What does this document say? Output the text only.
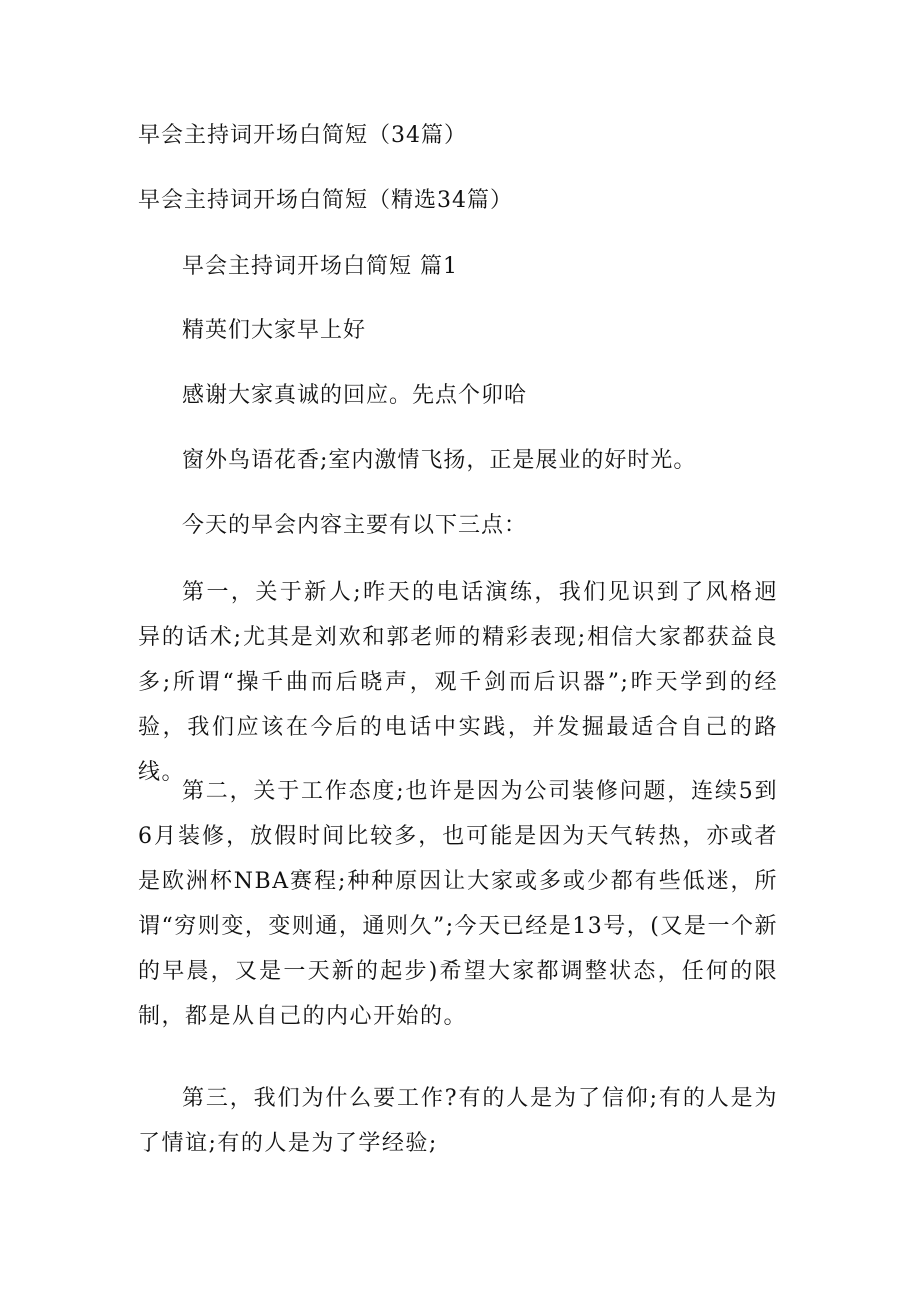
早会主持词开场白简短（34篇）
早会主持词开场白简短（精选34篇）
早会主持词开场白简短 篇1
精英们大家早上好
感谢大家真诚的回应。先点个卯哈
窗外鸟语花香;室内激情飞扬，正是展业的好时光。
今天的早会内容主要有以下三点：
第一，关于新人;昨天的电话演练，我们见识到了风格迥异的话术;尤其是刘欢和郭老师的精彩表现;相信大家都获益良多;所谓“操千曲而后晓声，观千剑而后识器”;昨天学到的经验，我们应该在今后的电话中实践，并发掘最适合自己的路线。
第二，关于工作态度;也许是因为公司装修问题，连续5到6月装修，放假时间比较多，也可能是因为天气转热，亦或者是欧洲杯NBA赛程;种种原因让大家或多或少都有些低迷，所谓“穷则变，变则通，通则久”;今天已经是13号，(又是一个新的早晨，又是一天新的起步)希望大家都调整状态，任何的限制，都是从自己的内心开始的。
第三，我们为什么要工作?有的人是为了信仰;有的人是为了情谊;有的人是为了学经验;
